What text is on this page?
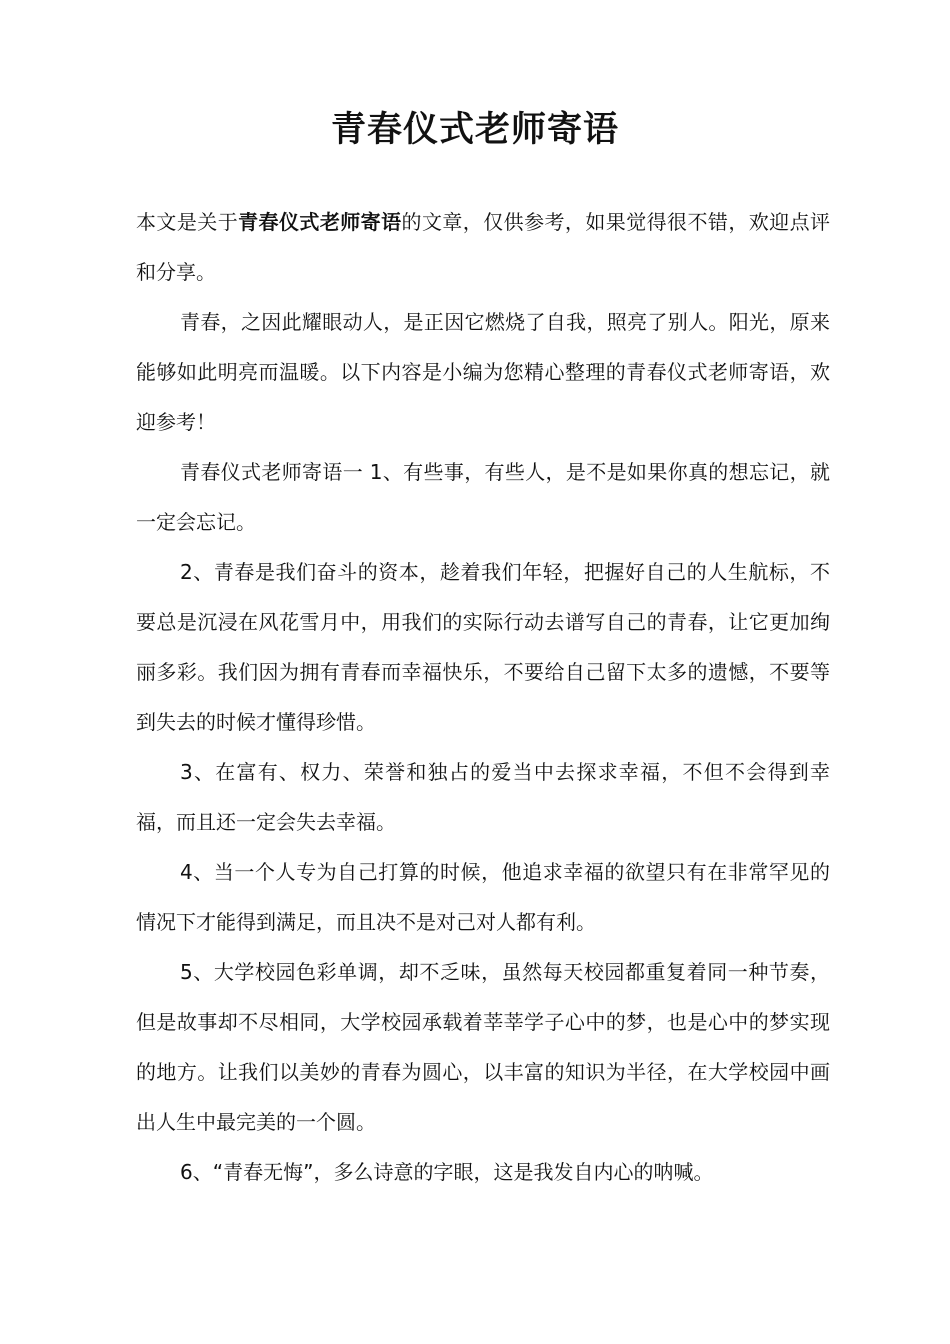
青春仪式老师寄语

本文是关于青春仪式老师寄语的文章，仅供参考，如果觉得很不错，欢迎点评和分享。

青春，之因此耀眼动人，是正因它燃烧了自我，照亮了别人。阳光，原来能够如此明亮而温暖。以下内容是小编为您精心整理的青春仪式老师寄语，欢迎参考！

青春仪式老师寄语一 1、有些事，有些人，是不是如果你真的想忘记，就一定会忘记。

2、青春是我们奋斗的资本，趁着我们年轻，把握好自己的人生航标，不要总是沉浸在风花雪月中，用我们的实际行动去谱写自己的青春，让它更加绚丽多彩。我们因为拥有青春而幸福快乐，不要给自己留下太多的遗憾，不要等到失去的时候才懂得珍惜。

3、在富有、权力、荣誉和独占的爱当中去探求幸福，不但不会得到幸福，而且还一定会失去幸福。

4、当一个人专为自己打算的时候，他追求幸福的欲望只有在非常罕见的情况下才能得到满足，而且决不是对己对人都有利。

5、大学校园色彩单调，却不乏味，虽然每天校园都重复着同一种节奏，但是故事却不尽相同，大学校园承载着莘莘学子心中的梦，也是心中的梦实现的地方。让我们以美妙的青春为圆心，以丰富的知识为半径，在大学校园中画出人生中最完美的一个圆。

6、“青春无悔”，多么诗意的字眼，这是我发自内心的呐喊。
